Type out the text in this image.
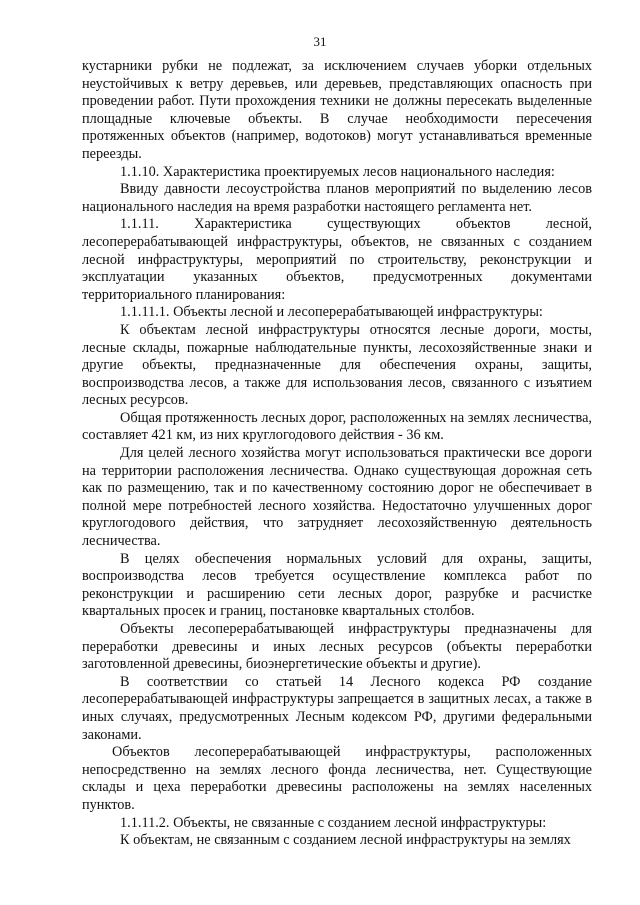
31

кустарники рубки не подлежат, за исключением случаев уборки отдельных неустойчивых к ветру деревьев, или деревьев, представляющих опасность при проведении работ. Пути прохождения техники не должны пересекать выделенные площадные ключевые объекты. В случае необходимости пересечения протяженных объектов (например, водотоков) могут устанавливаться временные переезды.

1.1.10. Характеристика проектируемых лесов национального наследия:

Ввиду давности лесоустройства планов мероприятий по выделению лесов национального наследия на время разработки настоящего регламента нет.

1.1.11. Характеристика существующих объектов лесной, лесоперерабатывающей инфраструктуры, объектов, не связанных с созданием лесной инфраструктуры, мероприятий по строительству, реконструкции и эксплуатации указанных объектов, предусмотренных документами территориального планирования:

1.1.11.1. Объекты лесной и лесоперерабатывающей инфраструктуры:

К объектам лесной инфраструктуры относятся лесные дороги, мосты, лесные склады, пожарные наблюдательные пункты, лесохозяйственные знаки и другие объекты, предназначенные для обеспечения охраны, защиты, воспроизводства лесов, а также для использования лесов, связанного с изъятием лесных ресурсов.

Общая протяженность лесных дорог, расположенных на землях лесничества, составляет 421 км, из них круглогодового действия - 36 км.

Для целей лесного хозяйства могут использоваться практически все дороги на территории расположения лесничества. Однако существующая дорожная сеть как по размещению, так и по качественному состоянию дорог не обеспечивает в полной мере потребностей лесного хозяйства. Недостаточно улучшенных дорог круглогодового действия, что затрудняет лесохозяйственную деятельность лесничества.

В целях обеспечения нормальных условий для охраны, защиты, воспроизводства лесов требуется осуществление комплекса работ по реконструкции и расширению сети лесных дорог, разрубке и расчистке квартальных просек и границ, постановке квартальных столбов.

Объекты лесоперерабатывающей инфраструктуры предназначены для переработки древесины и иных лесных ресурсов (объекты переработки заготовленной древесины, биоэнергетические объекты и другие).

В соответствии со статьей 14 Лесного кодекса РФ создание лесоперерабатывающей инфраструктуры запрещается в защитных лесах, а также в иных случаях, предусмотренных Лесным кодексом РФ, другими федеральными законами.

Объектов лесоперерабатывающей инфраструктуры, расположенных непосредственно на землях лесного фонда лесничества, нет. Существующие склады и цеха переработки древесины расположены на землях населенных пунктов.

1.1.11.2. Объекты, не связанные с созданием лесной инфраструктуры:

К объектам, не связанным с созданием лесной инфраструктуры на землях
